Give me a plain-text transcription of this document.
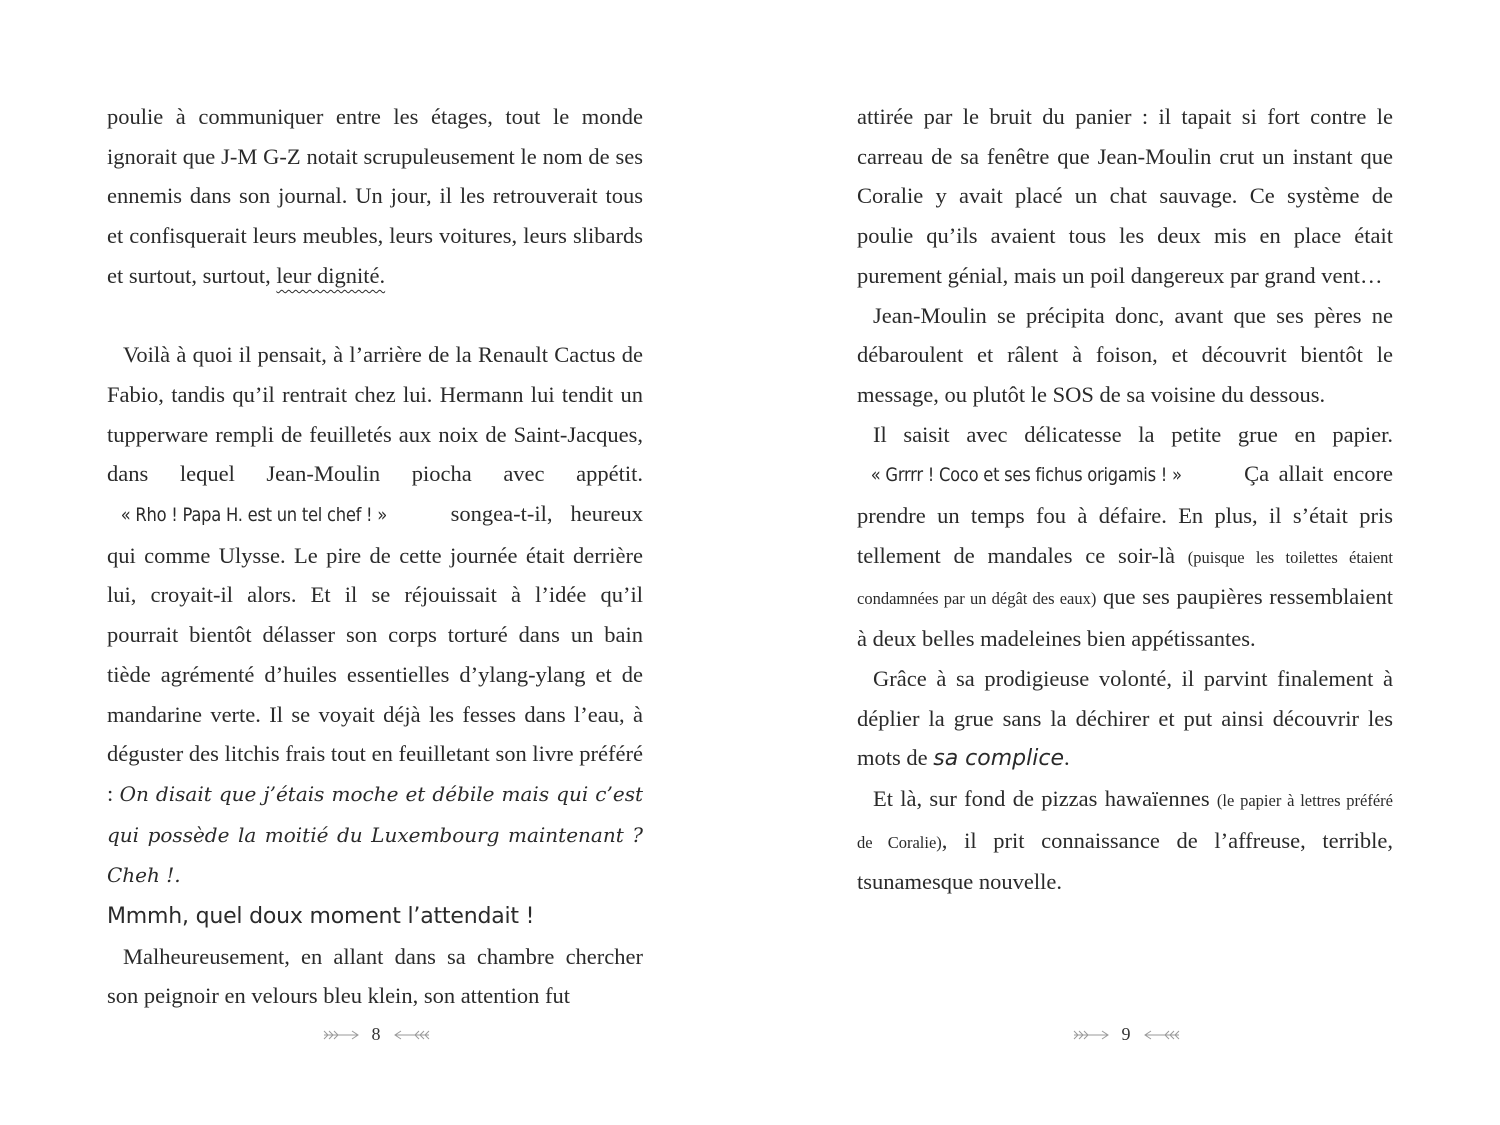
poulie à communiquer entre les étages, tout le monde ignorait que J-M G-Z notait scrupuleusement le nom de ses ennemis dans son journal. Un jour, il les retrouverait tous et confisquerait leurs meubles, leurs voitures, leurs slibards et surtout, surtout, leur dignité.

Voilà à quoi il pensait, à l’arrière de la Renault Cactus de Fabio, tandis qu’il rentrait chez lui. Hermann lui tendit un tupperware rempli de feuilletés aux noix de Saint-Jacques, dans lequel Jean-Moulin piocha avec appétit. « Rho ! Papa H. est un tel chef ! » songea-t-il, heureux qui comme Ulysse. Le pire de cette journée était derrière lui, croyait-il alors. Et il se réjouissait à l’idée qu’il pourrait bientôt délasser son corps torturé dans un bain tiède agrémenté d’huiles essentielles d’ylang-ylang et de mandarine verte. Il se voyait déjà les fesses dans l’eau, à déguster des litchis frais tout en feuilletant son livre préféré : On disait que j’étais moche et débile mais qui c’est qui possède la moitié du Luxembourg maintenant ? Cheh !.
Mmmh, quel doux moment l’attendait !

Malheureusement, en allant dans sa chambre chercher son peignoir en velours bleu klein, son attention fut

attirée par le bruit du panier : il tapait si fort contre le carreau de sa fenêtre que Jean-Moulin crut un instant que Coralie y avait placé un chat sauvage. Ce système de poulie qu’ils avaient tous les deux mis en place était purement génial, mais un poil dangereux par grand vent…

Jean-Moulin se précipita donc, avant que ses pères ne débaroulent et râlent à foison, et découvrit bientôt le message, ou plutôt le SOS de sa voisine du dessous.

Il saisit avec délicatesse la petite grue en papier. « Grrrr ! Coco et ses fichus origamis ! » Ça allait encore prendre un temps fou à défaire. En plus, il s’était pris tellement de mandales ce soir-là (puisque les toilettes étaient condamnées par un dégât des eaux) que ses paupières ressemblaient à deux belles madeleines bien appétissantes.

Grâce à sa prodigieuse volonté, il parvint finalement à déplier la grue sans la déchirer et put ainsi découvrir les mots de sa complice.

Et là, sur fond de pizzas hawaïennes (le papier à lettres préféré de Coralie), il prit connaissance de l’affreuse, terrible, tsunamesque nouvelle.

8	9
